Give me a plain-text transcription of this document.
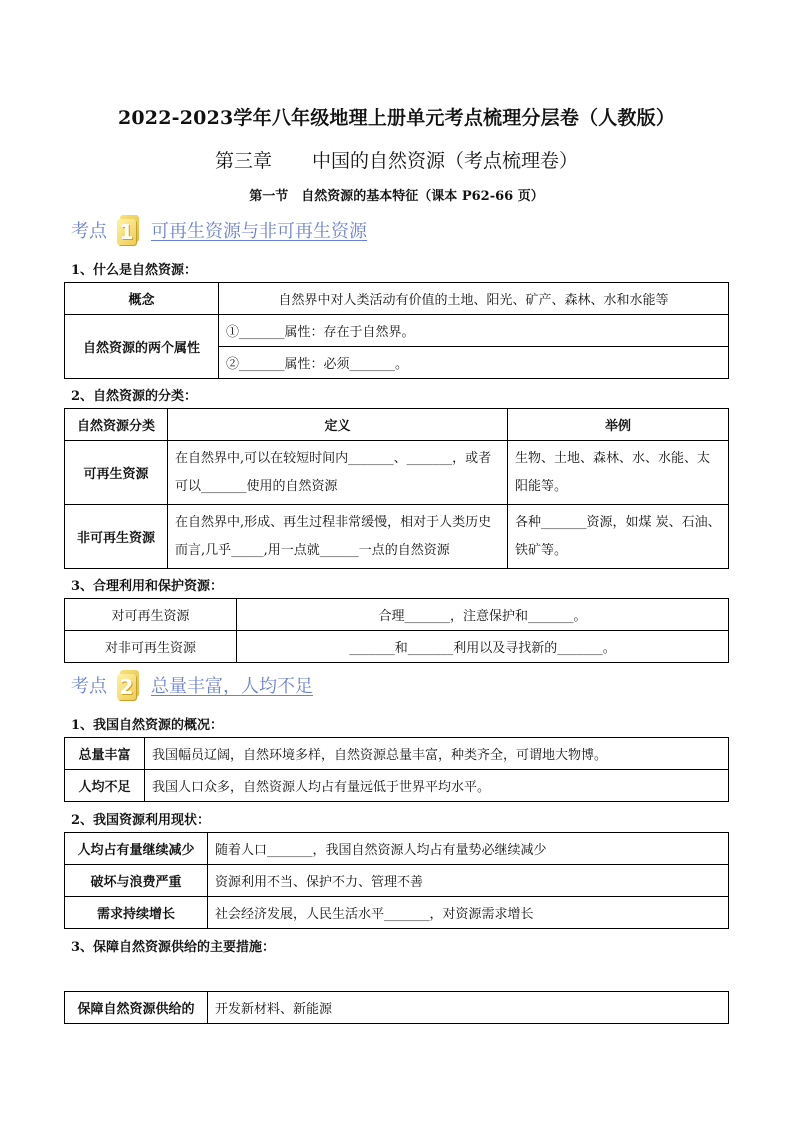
2022-2023学年八年级地理上册单元考点梳理分层卷（人教版）
第三章 中国的自然资源（考点梳理卷）
第一节　自然资源的基本特征（课本 P62-66 页）
考点 1 可再生资源与非可再生资源
1、什么是自然资源：
概念	自然界中对人类活动有价值的土地、阳光、矿产、森林、水和水能等
自然资源的两个属性	①_______属性：存在于自然界。
	②_______属性：必须_______。
2、自然资源的分类：
自然资源分类	定义	举例
可再生资源	在自然界中,可以在较短时间内_______、_______，或者可以_______使用的自然资源	生物、土地、森林、水、水能、太阳能等。
非可再生资源	在自然界中,形成、再生过程非常缓慢，相对于人类历史而言,几乎_____,用一点就______一点的自然资源	各种_______资源，如煤 炭、石油、铁矿等。
3、合理利用和保护资源：
对可再生资源	合理_______，注意保护和_______。
对非可再生资源	_______和_______利用以及寻找新的_______。
考点 2 总量丰富，人均不足
1、我国自然资源的概况：
总量丰富	我国幅员辽阔，自然环境多样，自然资源总量丰富，种类齐全，可谓地大物博。
人均不足	我国人口众多，自然资源人均占有量远低于世界平均水平。
2、我国资源利用现状：
人均占有量继续减少	随着人口_______，我国自然资源人均占有量势必继续减少
破坏与浪费严重	资源利用不当、保护不力、管理不善
需求持续增长	社会经济发展，人民生活水平_______，对资源需求增长
3、保障自然资源供给的主要措施：
保障自然资源供给的	开发新材料、新能源
